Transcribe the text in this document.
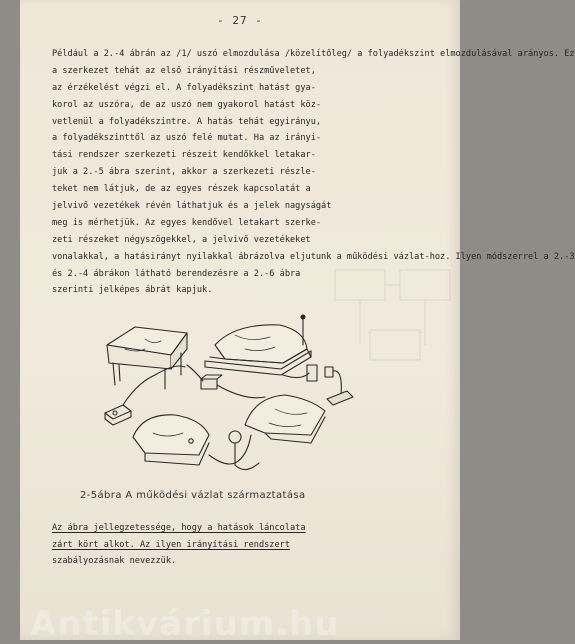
- 27 -
Például a 2.-4 ábrán az /1/ uszó elmozdulása /közelítőleg/ a folyadékszint elmozdulásával arányos. Ez
a szerkezet tehát az első irányítási részműveletet,
az érzékelést végzi el. A folyadékszint hatást gya-
korol az uszóra, de az uszó nem gyakorol hatást köz-
vetlenül a folyadékszintre. A hatás tehát egyirányu,
a folyadékszinttől az uszó felé mutat. Ha az irányi-
tási rendszer szerkezeti részeit kendőkkel letakar-
juk a 2.-5 ábra szerint, akkor a szerkezeti részle-
teket nem látjuk, de az egyes részek kapcsolatát a
jelvivő vezetékek révén láthatjuk és a jelek nagyságát
meg is mérhetjük. Az egyes kendővel letakart szerke-
zeti részeket négyszögekkel, a jelvivő vezetékeket
vonalakkal, a hatásirányt nyilakkal ábrázolva eljutunk a működési vázlat-hoz. Ilyen módszerrel a 2.-3
és 2.-4 ábrákon látható berendezésre a 2.-6 ábra
szerinti jelképes ábrát kapjuk.
2-5ábra A működési vázlat származtatása
Az ábra jellegzetessége, hogy a hatások láncolata
zárt kört alkot. Az ilyen irányítási rendszert
szabályozásnak nevezzük.
Antikvárium.hu
